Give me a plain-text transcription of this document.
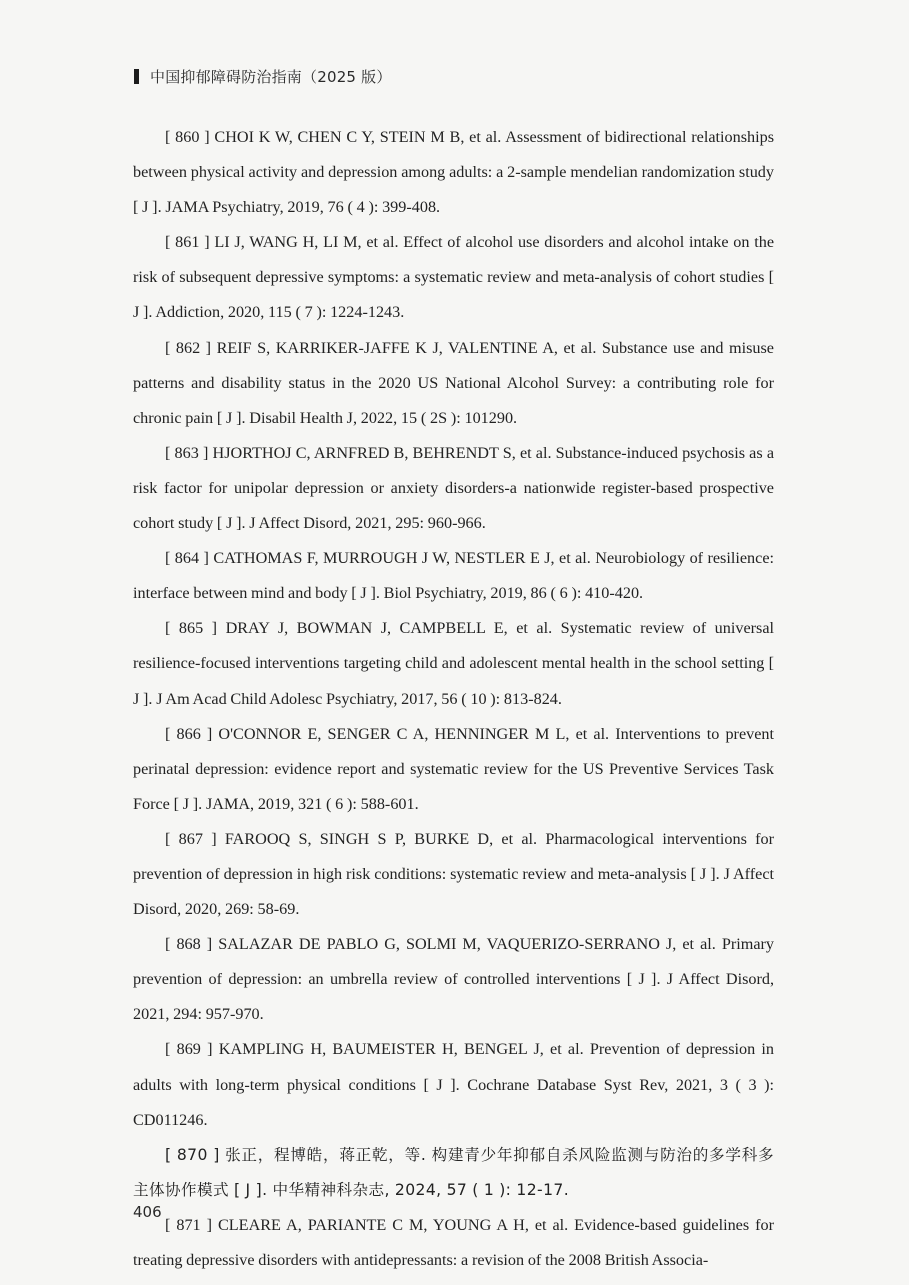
中国抑郁障碍防治指南（2025 版）

[ 860 ] CHOI K W, CHEN C Y, STEIN M B, et al. Assessment of bidirectional relationships between physical activity and depression among adults: a 2-sample mendelian randomization study [ J ]. JAMA Psychiatry, 2019, 76 ( 4 ): 399-408.

[ 861 ] LI J, WANG H, LI M, et al. Effect of alcohol use disorders and alcohol intake on the risk of subsequent depressive symptoms: a systematic review and meta-analysis of cohort studies [ J ]. Addiction, 2020, 115 ( 7 ): 1224-1243.

[ 862 ] REIF S, KARRIKER-JAFFE K J, VALENTINE A, et al. Substance use and misuse patterns and disability status in the 2020 US National Alcohol Survey: a contributing role for chronic pain [ J ]. Disabil Health J, 2022, 15 ( 2S ): 101290.

[ 863 ] HJORTHOJ C, ARNFRED B, BEHRENDT S, et al. Substance-induced psychosis as a risk factor for unipolar depression or anxiety disorders-a nationwide register-based prospective cohort study [ J ]. J Affect Disord, 2021, 295: 960-966.

[ 864 ] CATHOMAS F, MURROUGH J W, NESTLER E J, et al. Neurobiology of resilience: interface between mind and body [ J ]. Biol Psychiatry, 2019, 86 ( 6 ): 410-420.

[ 865 ] DRAY J, BOWMAN J, CAMPBELL E, et al. Systematic review of universal resilience-focused interventions targeting child and adolescent mental health in the school setting [ J ]. J Am Acad Child Adolesc Psychiatry, 2017, 56 ( 10 ): 813-824.

[ 866 ] O'CONNOR E, SENGER C A, HENNINGER M L, et al. Interventions to prevent perinatal depression: evidence report and systematic review for the US Preventive Services Task Force [ J ]. JAMA, 2019, 321 ( 6 ): 588-601.

[ 867 ] FAROOQ S, SINGH S P, BURKE D, et al. Pharmacological interventions for prevention of depression in high risk conditions: systematic review and meta-analysis [ J ]. J Affect Disord, 2020, 269: 58-69.

[ 868 ] SALAZAR DE PABLO G, SOLMI M, VAQUERIZO-SERRANO J, et al. Primary prevention of depression: an umbrella review of controlled interventions [ J ]. J Affect Disord, 2021, 294: 957-970.

[ 869 ] KAMPLING H, BAUMEISTER H, BENGEL J, et al. Prevention of depression in adults with long-term physical conditions [ J ]. Cochrane Database Syst Rev, 2021, 3 ( 3 ): CD011246.

[ 870 ] 张正，程博皓，蒋正乾，等. 构建青少年抑郁自杀风险监测与防治的多学科多主体协作模式 [ J ]. 中华精神科杂志, 2024, 57 ( 1 ): 12-17.

[ 871 ] CLEARE A, PARIANTE C M, YOUNG A H, et al. Evidence-based guidelines for treating depressive disorders with antidepressants: a revision of the 2008 British Associa-

406
